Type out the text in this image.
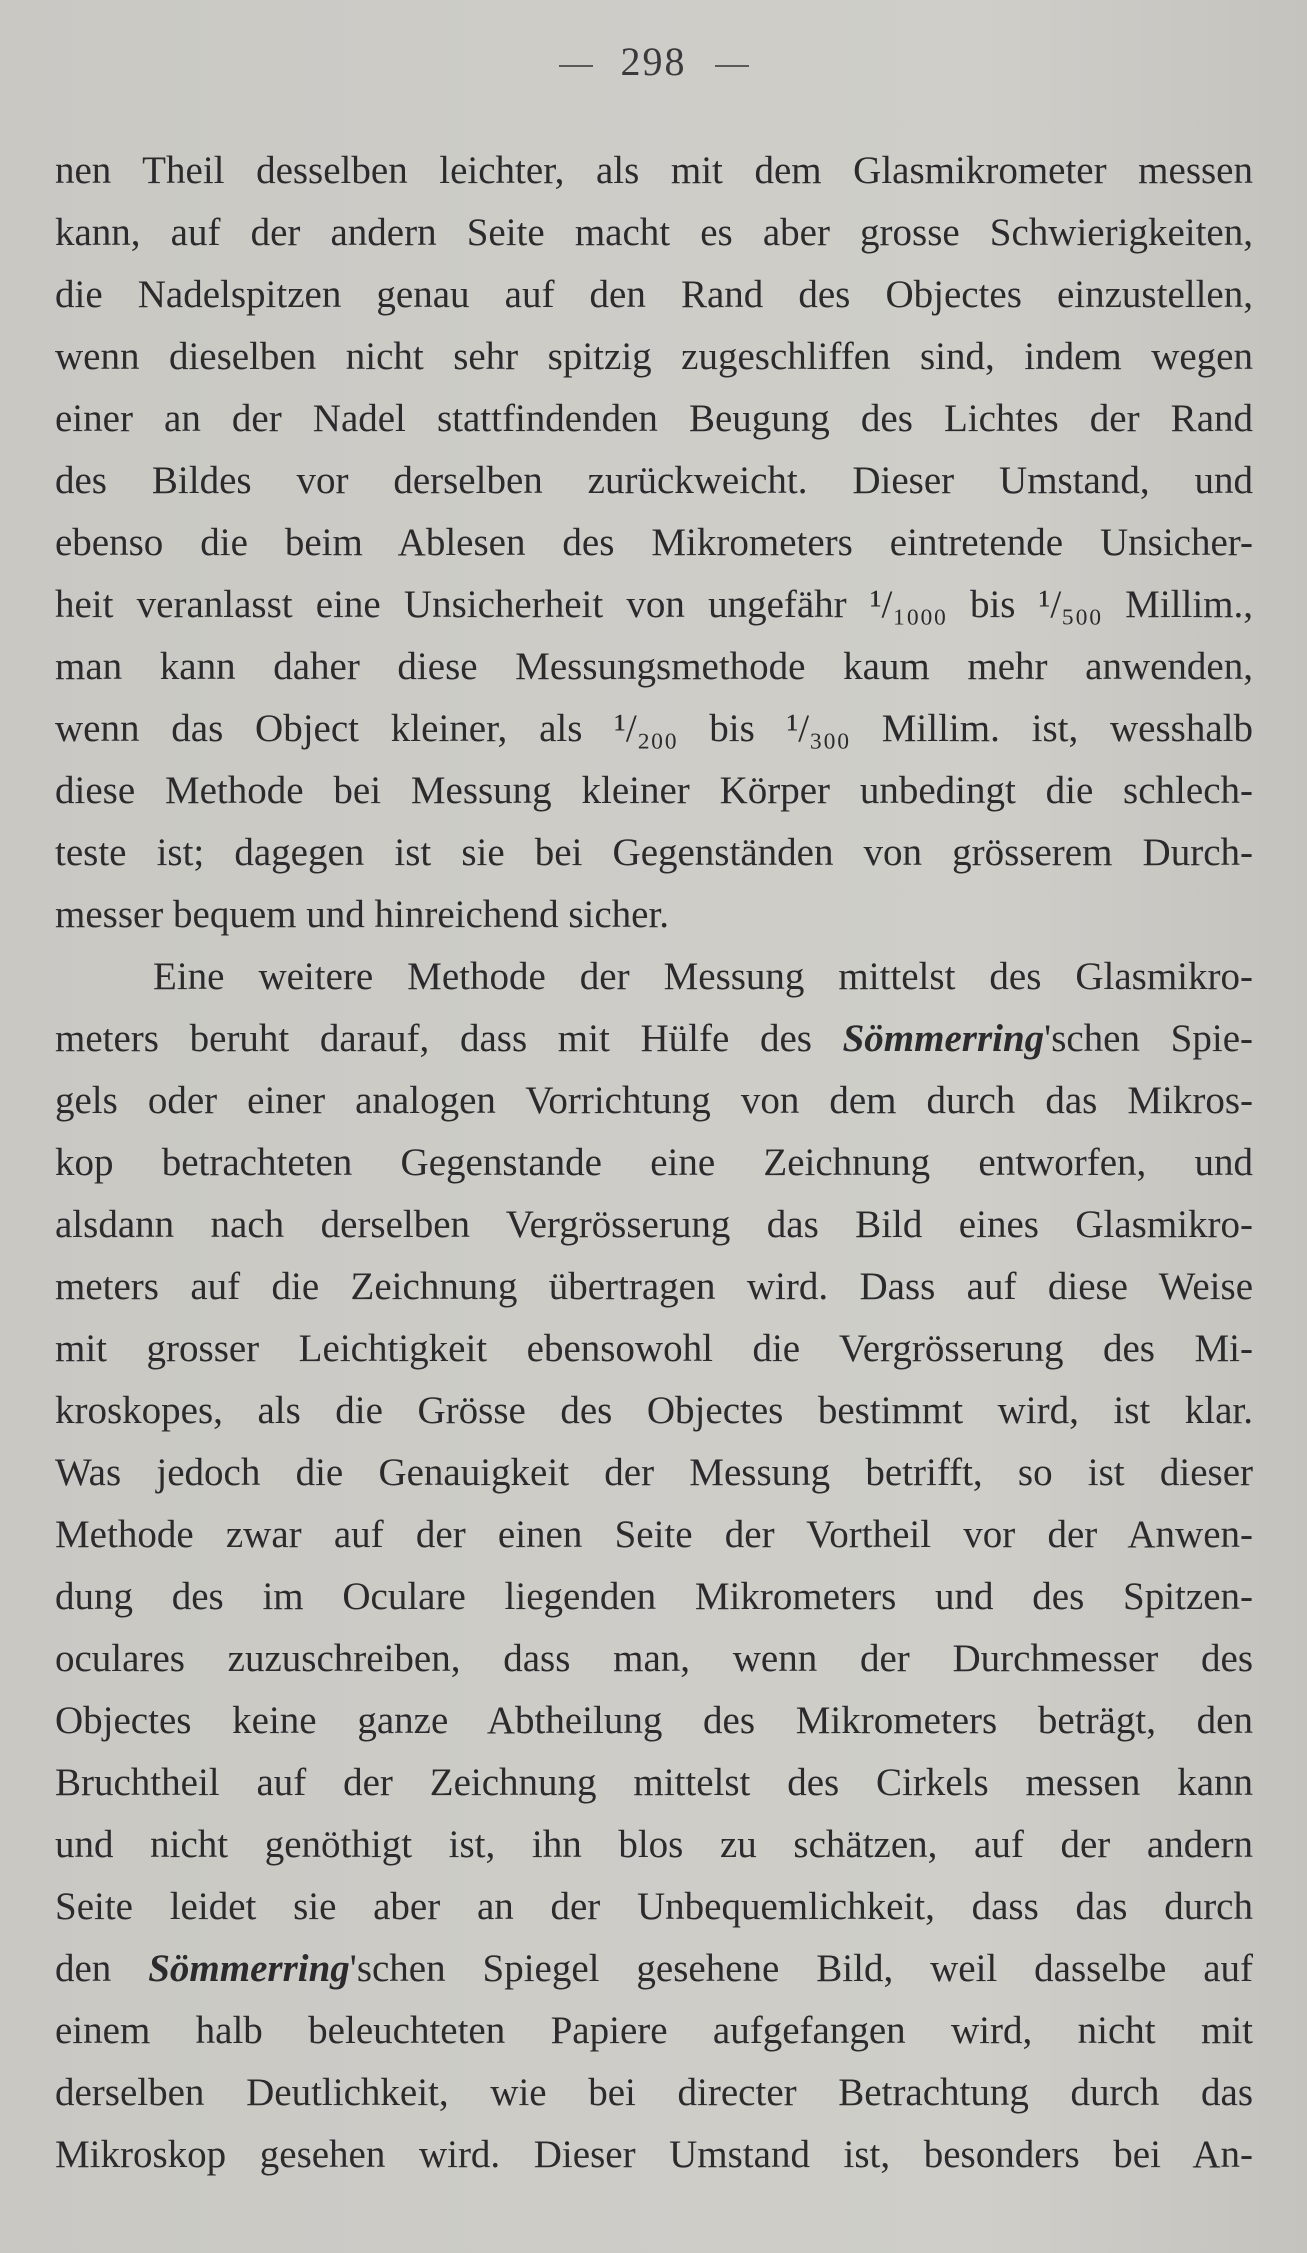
298
nen Theil desselben leichter, als mit dem Glasmikrometer messen
kann, auf der andern Seite macht es aber grosse Schwierigkeiten,
die Nadelspitzen genau auf den Rand des Objectes einzustellen,
wenn dieselben nicht sehr spitzig zugeschliffen sind, indem wegen
einer an der Nadel stattfindenden Beugung des Lichtes der Rand
des Bildes vor derselben zurückweicht. Dieser Umstand, und
ebenso die beim Ablesen des Mikrometers eintretende Unsicher-
heit veranlasst eine Unsicherheit von ungefähr ¹/₁₀₀₀ bis ¹/₅₀₀ Millim.,
man kann daher diese Messungsmethode kaum mehr anwenden,
wenn das Object kleiner, als ¹/₂₀₀ bis ¹/₃₀₀ Millim. ist, wesshalb
diese Methode bei Messung kleiner Körper unbedingt die schlech-
teste ist; dagegen ist sie bei Gegenständen von grösserem Durch-
messer bequem und hinreichend sicher.
Eine weitere Methode der Messung mittelst des Glasmikro-
meters beruht darauf, dass mit Hülfe des Sömmerring'schen Spie-
gels oder einer analogen Vorrichtung von dem durch das Mikros-
kop betrachteten Gegenstande eine Zeichnung entworfen, und
alsdann nach derselben Vergrösserung das Bild eines Glasmikro-
meters auf die Zeichnung übertragen wird. Dass auf diese Weise
mit grosser Leichtigkeit ebensowohl die Vergrösserung des Mi-
kroskopes, als die Grösse des Objectes bestimmt wird, ist klar.
Was jedoch die Genauigkeit der Messung betrifft, so ist dieser
Methode zwar auf der einen Seite der Vortheil vor der Anwen-
dung des im Oculare liegenden Mikrometers und des Spitzen-
oculares zuzuschreiben, dass man, wenn der Durchmesser des
Objectes keine ganze Abtheilung des Mikrometers beträgt, den
Bruchtheil auf der Zeichnung mittelst des Cirkels messen kann
und nicht genöthigt ist, ihn blos zu schätzen, auf der andern
Seite leidet sie aber an der Unbequemlichkeit, dass das durch
den Sömmerring'schen Spiegel gesehene Bild, weil dasselbe auf
einem halb beleuchteten Papiere aufgefangen wird, nicht mit
derselben Deutlichkeit, wie bei directer Betrachtung durch das
Mikroskop gesehen wird. Dieser Umstand ist, besonders bei An-
